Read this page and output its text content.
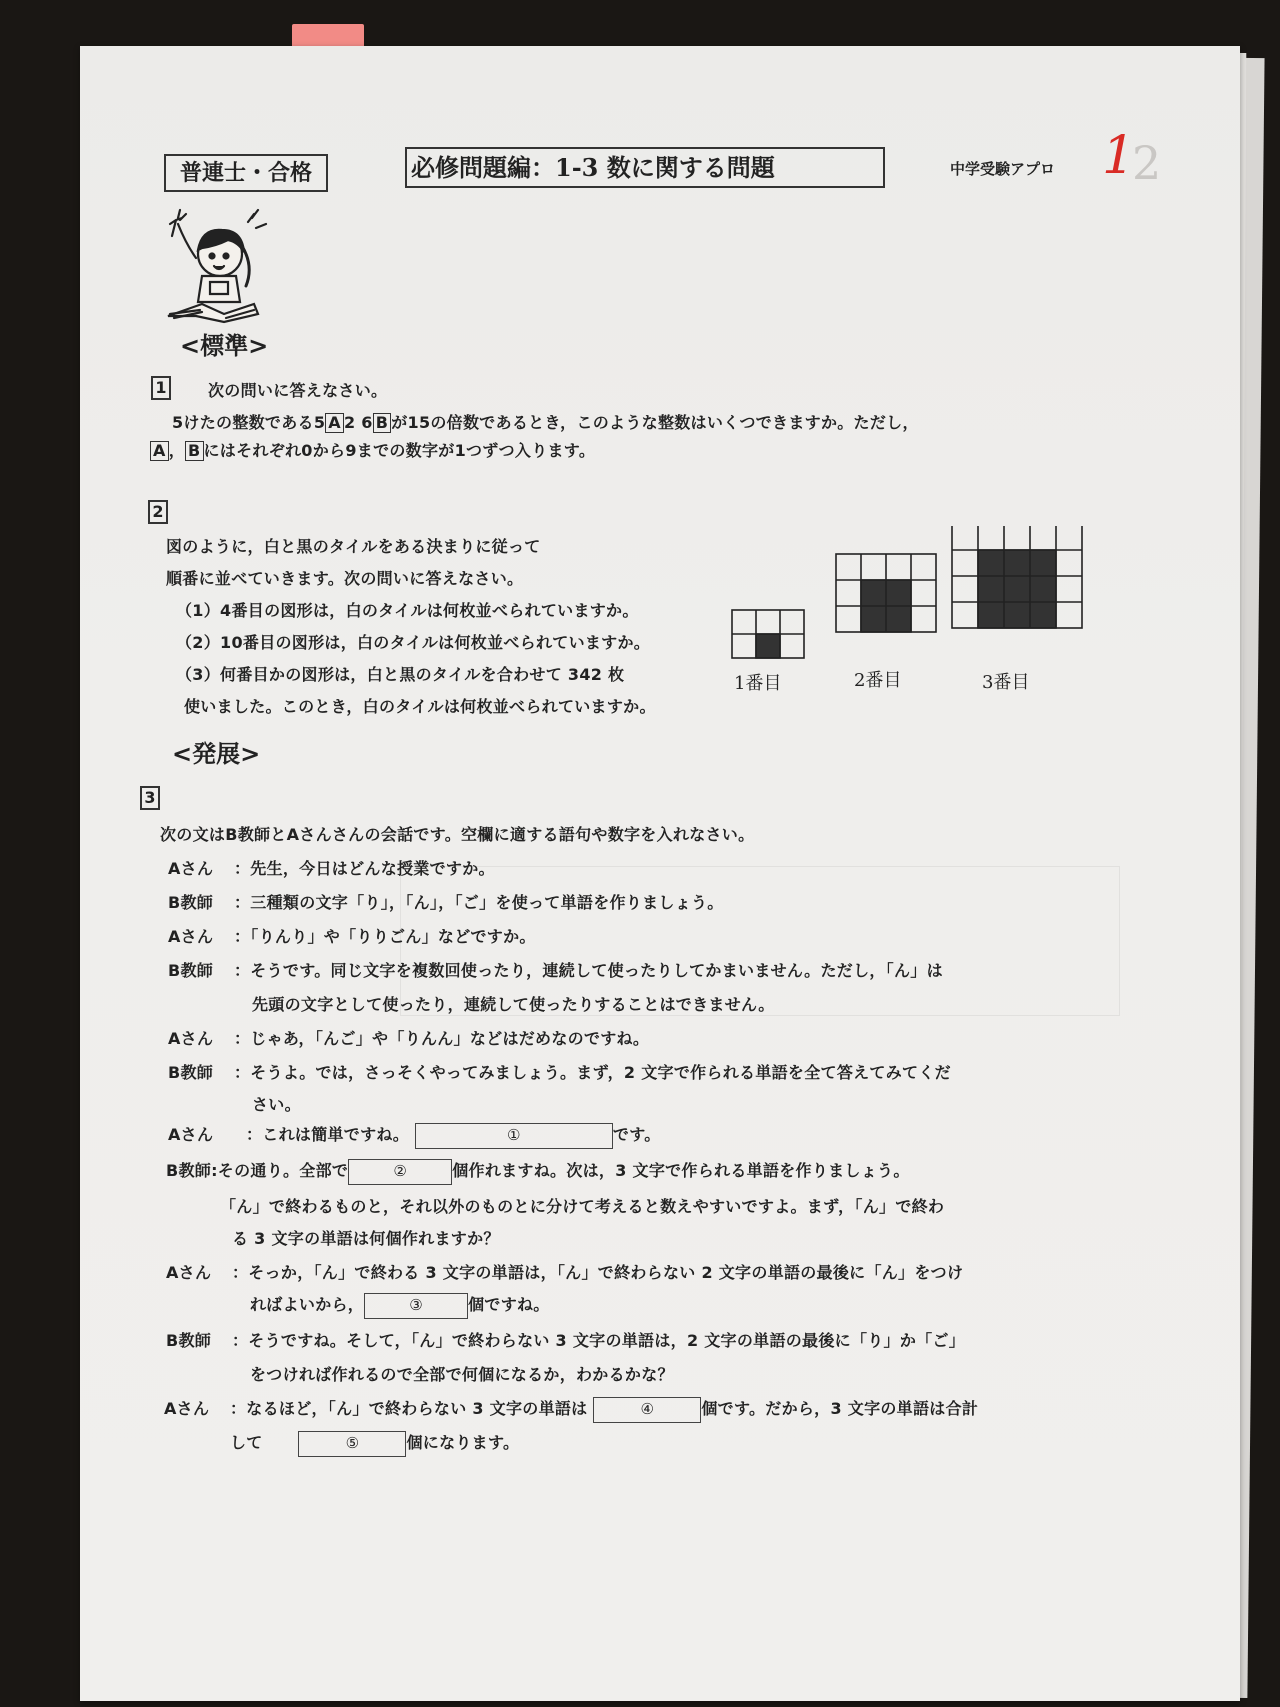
普連士・合格	必修問題編：1-3 数に関する問題	中学受験アプロ 2
1
<標準>
1	次の問いに答えなさい。
5けたの整数である5 A 2 6 B が15の倍数であるとき，このような整数はいくつできますか。ただし，
A ， B にはそれぞれ0から9までの数字が1つずつ入ります。
2
図のように，白と黒のタイルをある決まりに従って
順番に並べていきます。次の問いに答えなさい。
（1）4番目の図形は，白のタイルは何枚並べられていますか。
（2）10番目の図形は，白のタイルは何枚並べられていますか。
（3）何番目かの図形は，白と黒のタイルを合わせて 342 枚
使いました。このとき，白のタイルは何枚並べられていますか。
1番目	2番目	3番目
<発展>
3
次の文はB教師とAさんさんの会話です。空欄に適する語句や数字を入れなさい。
Aさん ：先生，今日はどんな授業ですか。
B教師 ：三種類の文字「り」，「ん」，「ご」を使って単語を作りましょう。
Aさん ：「りんり」や「りりごん」などですか。
B教師 ：そうです。同じ文字を複数回使ったり，連続して使ったりしてかまいません。ただし，「ん」は
先頭の文字として使ったり，連続して使ったりすることはできません。
Aさん ：じゃあ，「んご」や「りんん」などはだめなのですね。
B教師 ：そうよ。では，さっそくやってみましょう。まず，2 文字で作られる単語を全て答えてみてくだ
さい。
Aさん ：これは簡単ですね。	①	です。
B教師:その通り。全部で	②	個作れますね。次は，3 文字で作られる単語を作りましょう。
「ん」で終わるものと，それ以外のものとに分けて考えると数えやすいですよ。まず，「ん」で終わ
る 3 文字の単語は何個作れますか？
Aさん ：そっか，「ん」で終わる 3 文字の単語は，「ん」で終わらない 2 文字の単語の最後に「ん」をつけ
ればよいから，	③	個ですね。
B教師 ：そうですね。そして，「ん」で終わらない 3 文字の単語は，2 文字の単語の最後に「り」か「ご」
をつければ作れるので全部で何個になるか，わかるかな？
Aさん ：なるほど，「ん」で終わらない 3 文字の単語は	④	個です。だから，3 文字の単語は合計
して	⑤	個になります。
